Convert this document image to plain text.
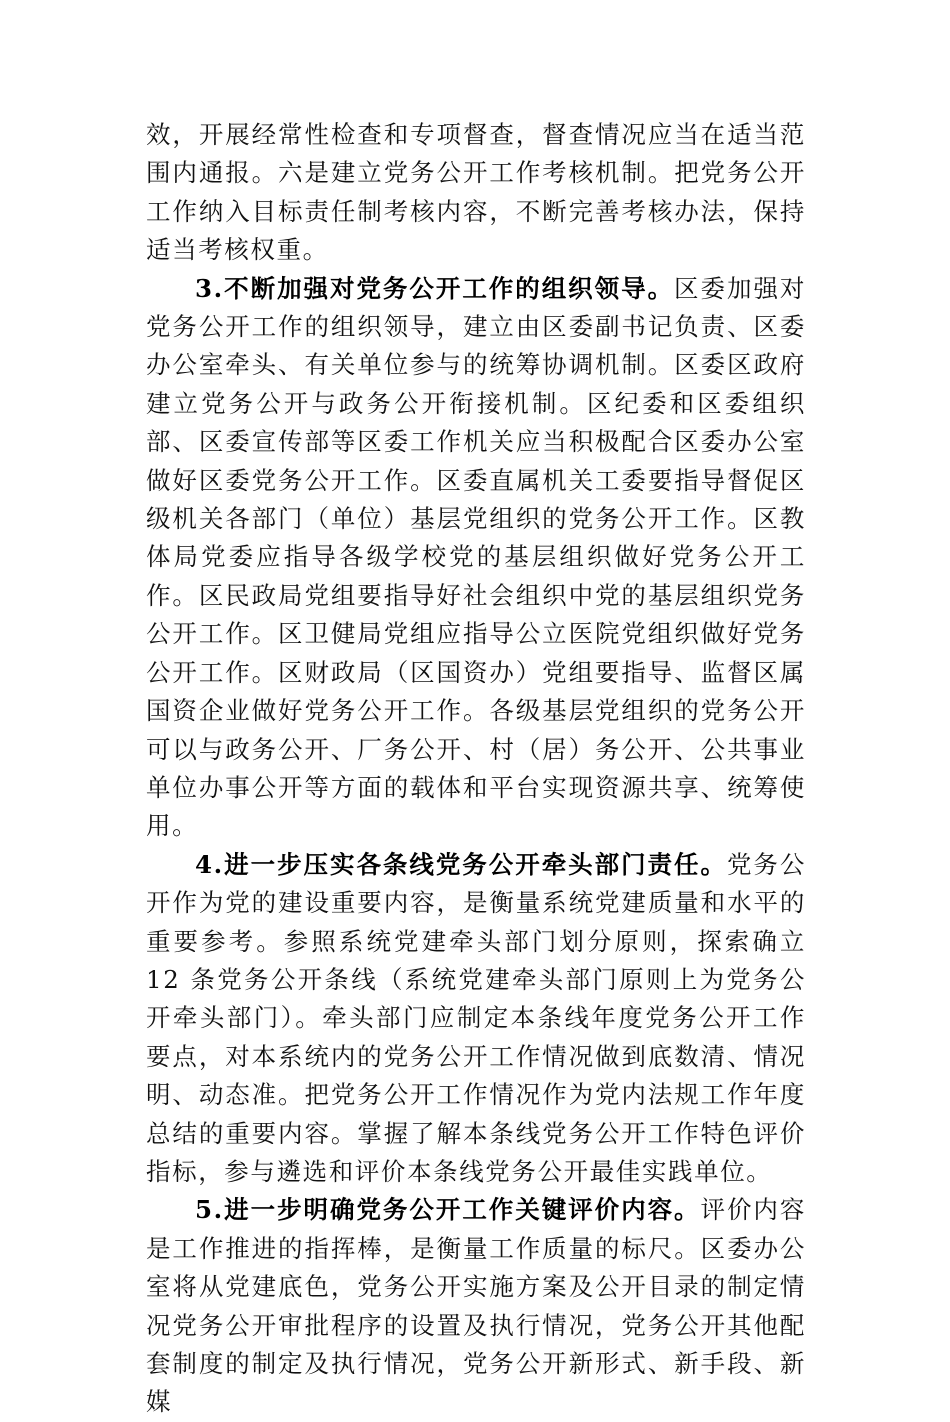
效，开展经常性检查和专项督查，督查情况应当在适当范围内通报。六是建立党务公开工作考核机制。把党务公开工作纳入目标责任制考核内容，不断完善考核办法，保持适当考核权重。

3.不断加强对党务公开工作的组织领导。区委加强对党务公开工作的组织领导，建立由区委副书记负责、区委办公室牵头、有关单位参与的统筹协调机制。区委区政府建立党务公开与政务公开衔接机制。区纪委和区委组织部、区委宣传部等区委工作机关应当积极配合区委办公室做好区委党务公开工作。区委直属机关工委要指导督促区级机关各部门（单位）基层党组织的党务公开工作。区教体局党委应指导各级学校党的基层组织做好党务公开工作。区民政局党组要指导好社会组织中党的基层组织党务公开工作。区卫健局党组应指导公立医院党组织做好党务公开工作。区财政局（区国资办）党组要指导、监督区属国资企业做好党务公开工作。各级基层党组织的党务公开可以与政务公开、厂务公开、村（居）务公开、公共事业单位办事公开等方面的载体和平台实现资源共享、统筹使用。

4.进一步压实各条线党务公开牵头部门责任。党务公开作为党的建设重要内容，是衡量系统党建质量和水平的重要参考。参照系统党建牵头部门划分原则，探索确立 12 条党务公开条线（系统党建牵头部门原则上为党务公开牵头部门）。牵头部门应制定本条线年度党务公开工作要点，对本系统内的党务公开工作情况做到底数清、情况明、动态准。把党务公开工作情况作为党内法规工作年度总结的重要内容。掌握了解本条线党务公开工作特色评价指标，参与遴选和评价本条线党务公开最佳实践单位。

5.进一步明确党务公开工作关键评价内容。评价内容是工作推进的指挥棒，是衡量工作质量的标尺。区委办公室将从党建底色，党务公开实施方案及公开目录的制定情况党务公开审批程序的设置及执行情况，党务公开其他配套制度的制定及执行情况，党务公开新形式、新手段、新媒
